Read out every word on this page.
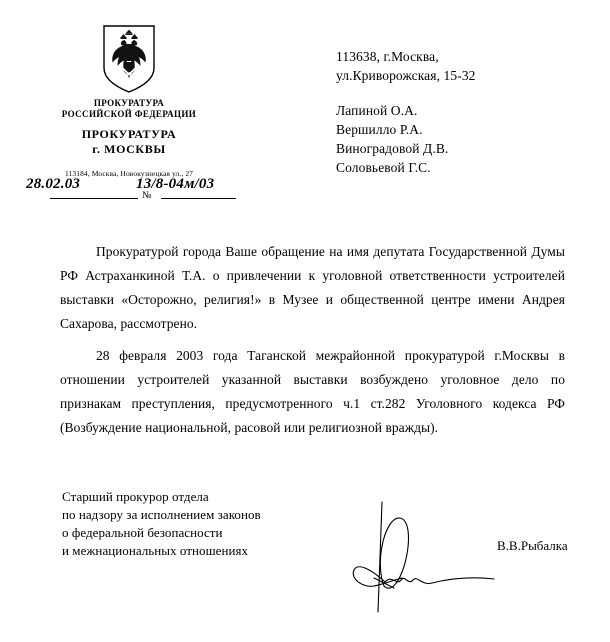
ПРОКУРАТУРА
РОССИЙСКОЙ ФЕДЕРАЦИИ
ПРОКУРАТУРА
г. МОСКВЫ
113184, Москва, Новокузнецкая ул., 27
28.02.03	13/8-04м/03
№
113638, г.Москва,
ул.Криворожская, 15-32
Лапиной О.А.
Вершилло Р.А.
Виноградовой Д.В.
Соловьевой Г.С.

Прокуратурой города Ваше обращение на имя депутата Государственной Думы РФ Астраханкиной Т.А. о привлечении к уголовной ответственности устроителей выставки «Осторожно, религия!» в Музее и общественной центре имени Андрея Сахарова, рассмотрено.

28 февраля 2003 года Таганской межрайонной прокуратурой г.Москвы в отношении устроителей указанной выставки возбуждено уголовное дело по признакам преступления, предусмотренного ч.1 ст.282 Уголовного кодекса РФ (Возбуждение национальной, расовой или религиозной вражды).

Старший прокурор отдела
по надзору за исполнением законов
о федеральной безопасности
и межнациональных отношениях	В.В.Рыбалка
